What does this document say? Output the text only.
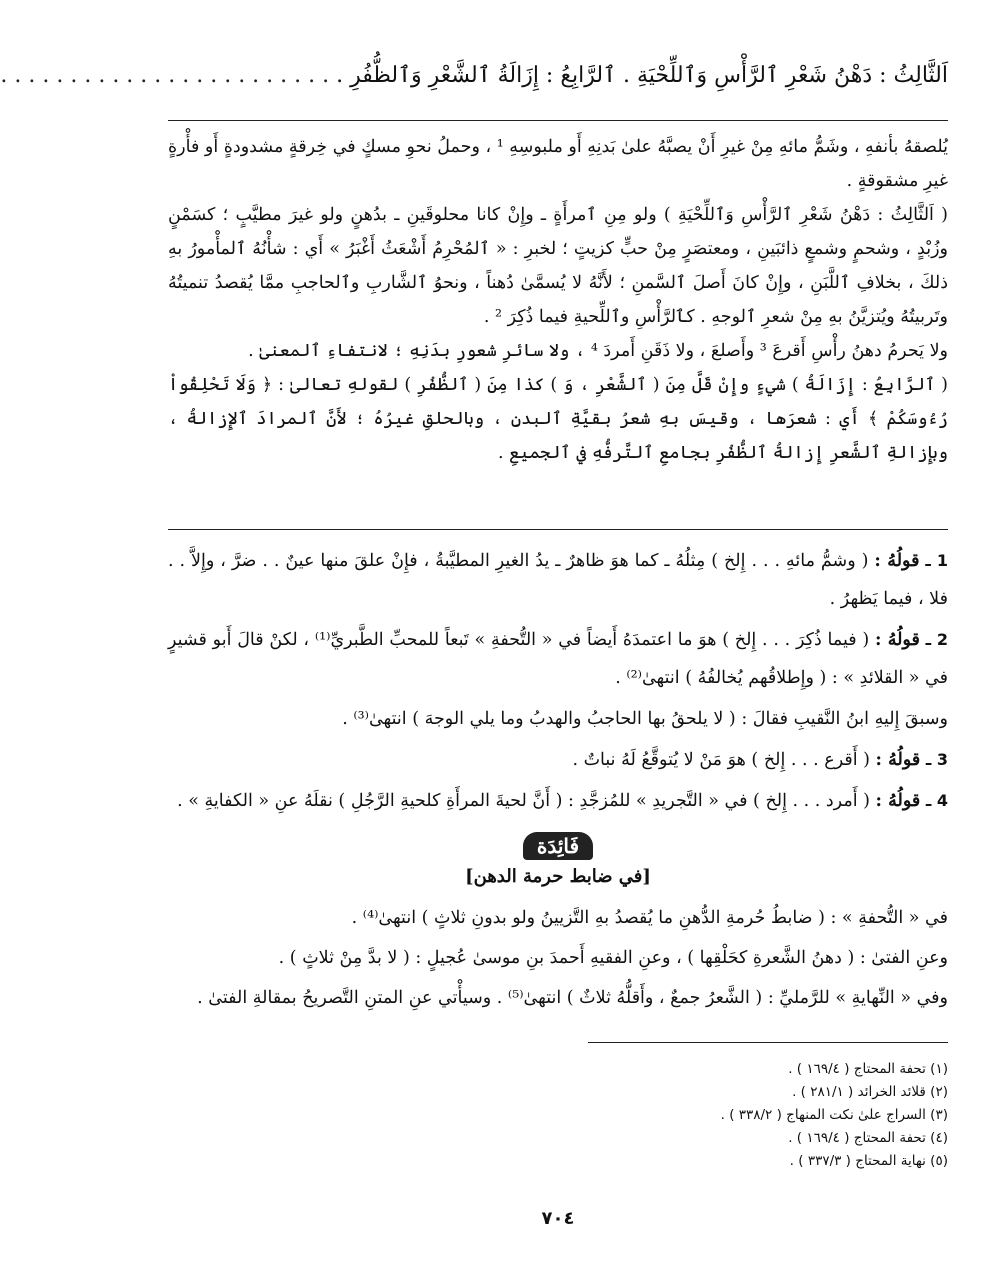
اَلثَّالِثُ : دَهْنُ شَعْرِ ٱلرَّأْسِ وَٱللِّحْيَةِ . ٱلرَّابِعُ : إِزَالَةُ ٱلشَّعْرِ وَٱلظُّفُرِ . . . . . . . . . . . . . . . . . . . . . . . . .

يُلصقهُ بأنفهِ ، وشَمُّ مائهِ مِنْ غيرِ أَنْ يصبَّهُ علىٰ بَدنِهِ أَو ملبوسِهِ ¹ ، وحملُ نحوِ مسكٍ في خِرقةٍ مشدودةٍ أَو فأْرةٍ غيرِ مشقوقةٍ .

( اَلثَّالِثُ : دَهْنُ شَعْرِ ٱلرَّأْسِ وَٱللِّحْيَةِ ) ولو مِنِ ٱمرأَةٍ ـ وإِنْ كانا محلوقَينِ ـ بدُهنٍ ولو غيرَ مطيَّبٍ ؛ كسَمْنٍ وزُبْدٍ ، وشحمٍ وشمعٍ ذائبَينِ ، ومعتصَرٍ مِنْ حبٍّ كزيتٍ ؛ لخبرِ : « ٱلمُحْرِمُ أَشْعَثُ أَغْبَرُ » أَي : شأْنُهُ ٱلمأْمورُ بهِ ذلكَ ، بخلافِ ٱللَّبَنِ ، وإِنْ كانَ أَصلَ ٱلسَّمنِ ؛ لأَنَّهُ لا يُسمَّىٰ دُهناً ، ونحوُ ٱلشَّاربِ وٱلحاجبِ ممَّا يُقصدُ تنميتُهُ وتَربيتُهُ ويُتزيَّنُ بهِ مِنْ شعرِ ٱلوجهِ . كٱلرَّأْسِ وٱللِّحيةِ فيما ذُكِرَ ² .

ولا يَحرمُ دهنُ رأْسِ أَقرعَ ³ وأَصلعَ ، ولا ذَقَنِ أَمردَ ⁴ ، ولا سائرِ شعورِ بدَنِهِ ؛ لانتفاءِ ٱلمعنىٰ .

( ٱلرَّابِعُ : إِزَالَةُ ) شيءٍ وإِنْ قَلَّ مِنَ ( ٱلشَّعْرِ ، وَ ) كذا مِنَ ( ٱلظُّفُرِ ) لقولهِ تعالىٰ : ﴿ وَلَا تَحْلِقُواْ رُءُوسَكُمْ ﴾ أَي : شعرَها ، وقيسَ بهِ شعرُ بقيَّةِ ٱلبدنِ ، وبالحلقِ غيرُهُ ؛ لأَنَّ ٱلمرادَ ٱلإِزالةُ ، وبإِزالةِ ٱلشَّعرِ إِزالةُ ٱلظُّفُرِ بجامعِ ٱلتَّرفُّهِ في ٱلجميعِ .

1 ـ قولُهُ : ( وشمُّ مائهِ . . . إِلخ ) مِثلُهُ ـ كما هوَ ظاهرٌ ـ يدُ الغيرِ المطيَّبةُ ، فإِنْ علقَ منها عينٌ . . ضرَّ ، وإِلاَّ . . فلا ، فيما يَظهرُ .

2 ـ قولُهُ : ( فيما ذُكِرَ . . . إِلخ ) هوَ ما اعتمدَهُ أَيضاً في « التُّحفةِ » تَبعاً للمحبِّ الطَّبريِّ⁽¹⁾ ، لكنْ قالَ أَبو قشيرٍ في « القلائدِ » : ( وإِطلاقُهم يُخالفُهُ ) انتهىٰ⁽²⁾ .

وسبقَ إِليهِ ابنُ النَّقيبِ فقالَ : ( لا يلحقُ بها الحاجبُ والهدبُ وما يلي الوجهَ ) انتهىٰ⁽³⁾ .

3 ـ قولُهُ : ( أَقرع . . . إِلخ ) هوَ مَنْ لا يُتوقَّعُ لَهُ نباتٌ .

4 ـ قولُهُ : ( أَمرد . . . إِلخ ) في « التَّجريدِ » للمُزجَّدِ : ( أَنَّ لحيةَ المرأَةِ كلحيةِ الرَّجُلِ ) نقلَهُ عنِ « الكفايةِ » .

فَائِدَة
[في ضابط حرمة الدهن]

في « التُّحفةِ » : ( ضابطُ حُرمةِ الدُّهنِ ما يُقصدُ بهِ التَّزيينُ ولو بدونِ ثلاثٍ ) انتهىٰ⁽⁴⁾ .

وعنِ الفتىٰ : ( دهنُ الشَّعرةِ كحَلْقِها ) ، وعنِ الفقيهِ أَحمدَ بنِ موسىٰ عُجيلٍ : ( لا بدَّ مِنْ ثلاثٍ ) .

وفي « النِّهايةِ » للرَّمليِّ : ( الشَّعرُ جمعٌ ، وأَقلُّهُ ثلاثٌ ) انتهىٰ⁽⁵⁾ . وسيأْتي عنِ المتنِ التَّصريحُ بمقالةِ الفتىٰ .

(١) تحفة المحتاج ( ١٦٩/٤ ) .
(٢) قلائد الخرائد ( ٢٨١/١ ) .
(٣) السراج علىٰ نكت المنهاج ( ٣٣٨/٢ ) .
(٤) تحفة المحتاج ( ١٦٩/٤ ) .
(٥) نهاية المحتاج ( ٣٣٧/٣ ) .
٧٠٤
